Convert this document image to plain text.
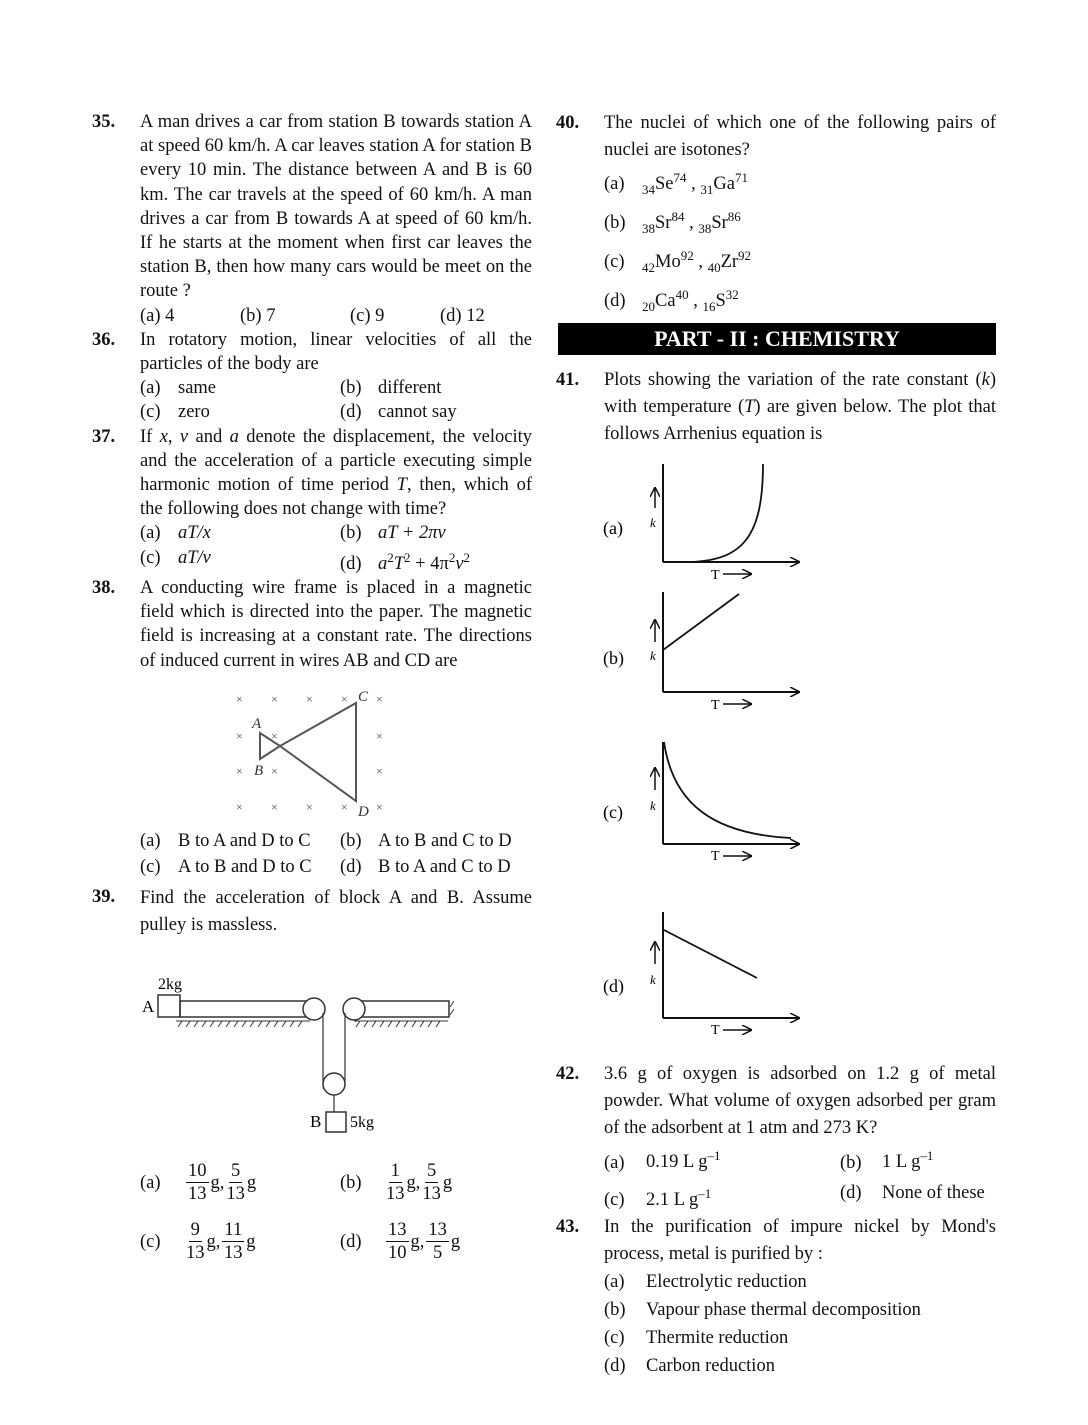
35. A man drives a car from station B towards station A at speed 60 km/h. A car leaves station A for station B every 10 min. The distance between A and B is 60 km. The car travels at the speed of 60 km/h. A man drives a car from B towards A at speed of 60 km/h. If he starts at the moment when first car leaves the station B, then how many cars would be meet on the route ?
(a) 4	(b) 7	(c) 9	(d) 12
36. In rotatory motion, linear velocities of all the particles of the body are
(a) same	(b) different
(c) zero	(d) cannot say
37. If x, v and a denote the displacement, the velocity and the acceleration of a particle executing simple harmonic motion of time period T, then, which of the following does not change with time?
(a) aT/x	(b) aT + 2πv
(c) aT/v	(d) $a^2T^2 + 4\pi^2v^2$
38. A conducting wire frame is placed in a magnetic field which is directed into the paper. The magnetic field is increasing at a constant rate. The directions of induced current in wires AB and CD are
× × × × ×
× ×	×
× ×	×
× × × × ×
A
B
C
D
(a) B to A and D to C	(b) A to B and C to D
(c) A to B and D to C	(d) B to A and C to D
39. Find the acceleration of block A and B. Assume pulley is massless.
2kg
A
B 5kg
(a)	$\frac{10}{13} g$, $\frac{5}{13}$ g	(b)	$\frac{1}{13} g$, $\frac{5}{13}$ g
(c)	$\frac{9}{13} g$, $\frac{11}{13}$ g	(d)	$\frac{13}{10} g$, $\frac{13}{5}$ g
40. The nuclei of which one of the following pairs of nuclei are isotones?
(a) $_{34}Se^{74}$ , $_{31}Ga^{71}$
(b) $_{38}Sr^{84}$ , $_{38}Sr^{86}$
(c) $_{42}Mo^{92}$ , $_{40}Zr^{92}$
(d) $_{20}Ca^{40}$ , $_{16}S^{32}$
PART - II : CHEMISTRY
41. Plots showing the variation of the rate constant (k) with temperature (T) are given below. The plot that follows Arrhenius equation is
(a) k
T
(b) k
T
(c) k
T
(d) k
T
42. 3.6 g of oxygen is adsorbed on 1.2 g of metal powder. What volume of oxygen adsorbed per gram of the adsorbent at 1 atm and 273 K?
(a) 0.19 L $g^{-1}$	(b) 1 L $g^{-1}$
(c) 2.1 L $g^{-1}$	(d) None of these
43. In the purification of impure nickel by Mond's process, metal is purified by :
(a) Electrolytic reduction
(b) Vapour phase thermal decomposition
(c) Thermite reduction
(d) Carbon reduction
